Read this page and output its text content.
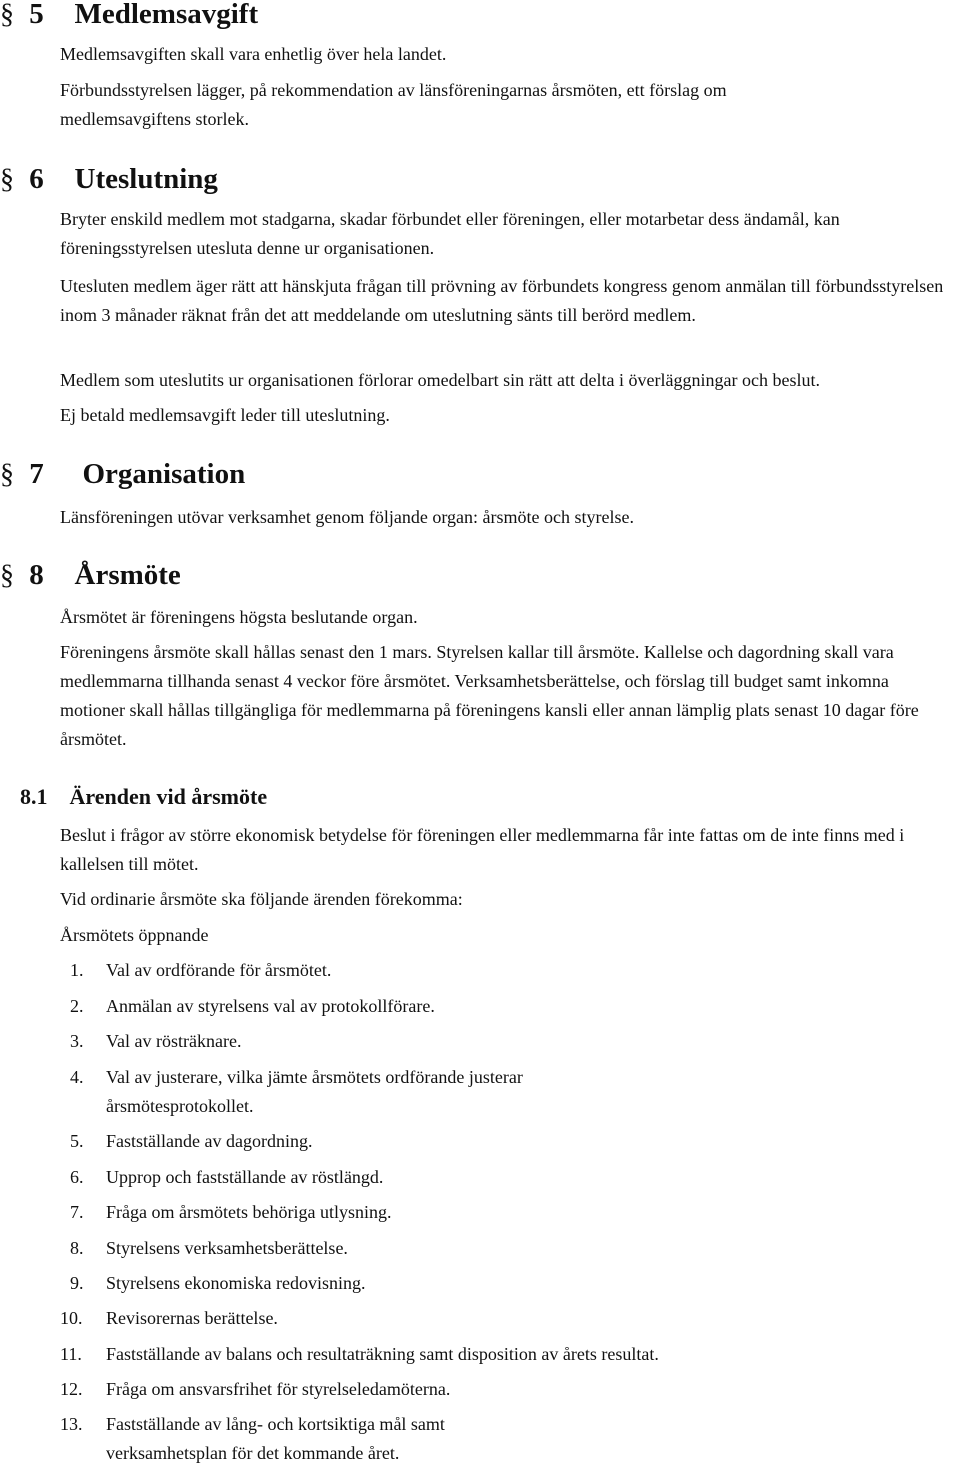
§ 5 Medlemsavgift

Medlemsavgiften skall vara enhetlig över hela landet.

Förbundsstyrelsen lägger, på rekommendation av länsföreningarnas årsmöten, ett förslag om medlemsavgiftens storlek.

§ 6 Uteslutning

Bryter enskild medlem mot stadgarna, skadar förbundet eller föreningen, eller motarbetar dess ändamål, kan föreningsstyrelsen utesluta denne ur organisationen.

Utesluten medlem äger rätt att hänskjuta frågan till prövning av förbundets kongress genom anmälan till förbundsstyrelsen inom 3 månader räknat från det att meddelande om uteslutning sänts till berörd medlem.

Medlem som uteslutits ur organisationen förlorar omedelbart sin rätt att delta i överläggningar och beslut.

Ej betald medlemsavgift leder till uteslutning.

§ 7 Organisation

Länsföreningen utövar verksamhet genom följande organ: årsmöte och styrelse.

§ 8 Årsmöte

Årsmötet är föreningens högsta beslutande organ.

Föreningens årsmöte skall hållas senast den 1 mars. Styrelsen kallar till årsmöte. Kallelse och dagordning skall vara medlemmarna tillhanda senast 4 veckor före årsmötet. Verksamhetsberättelse, och förslag till budget samt inkomna motioner skall hållas tillgängliga för medlemmarna på föreningens kansli eller annan lämplig plats senast 10 dagar före årsmötet.

8.1 Ärenden vid årsmöte

Beslut i frågor av större ekonomisk betydelse för föreningen eller medlemmarna får inte fattas om de inte finns med i kallelsen till mötet.

Vid ordinarie årsmöte ska följande ärenden förekomma:

Årsmötets öppnande

1.	Val av ordförande för årsmötet.
2.	Anmälan av styrelsens val av protokollförare.
3.	Val av rösträknare.
4.	Val av justerare, vilka jämte årsmötets ordförande justerar årsmötesprotokollet.
5.	Fastställande av dagordning.
6.	Upprop och fastställande av röstlängd.
7.	Fråga om årsmötets behöriga utlysning.
8.	Styrelsens verksamhetsberättelse.
9.	Styrelsens ekonomiska redovisning.
10.	Revisorernas berättelse.
11.	Fastställande av balans och resultaträkning samt disposition av årets resultat.
12.	Fråga om ansvarsfrihet för styrelseledamöterna.
13.	Fastställande av lång- och kortsiktiga mål samt verksamhetsplan för det kommande året.
